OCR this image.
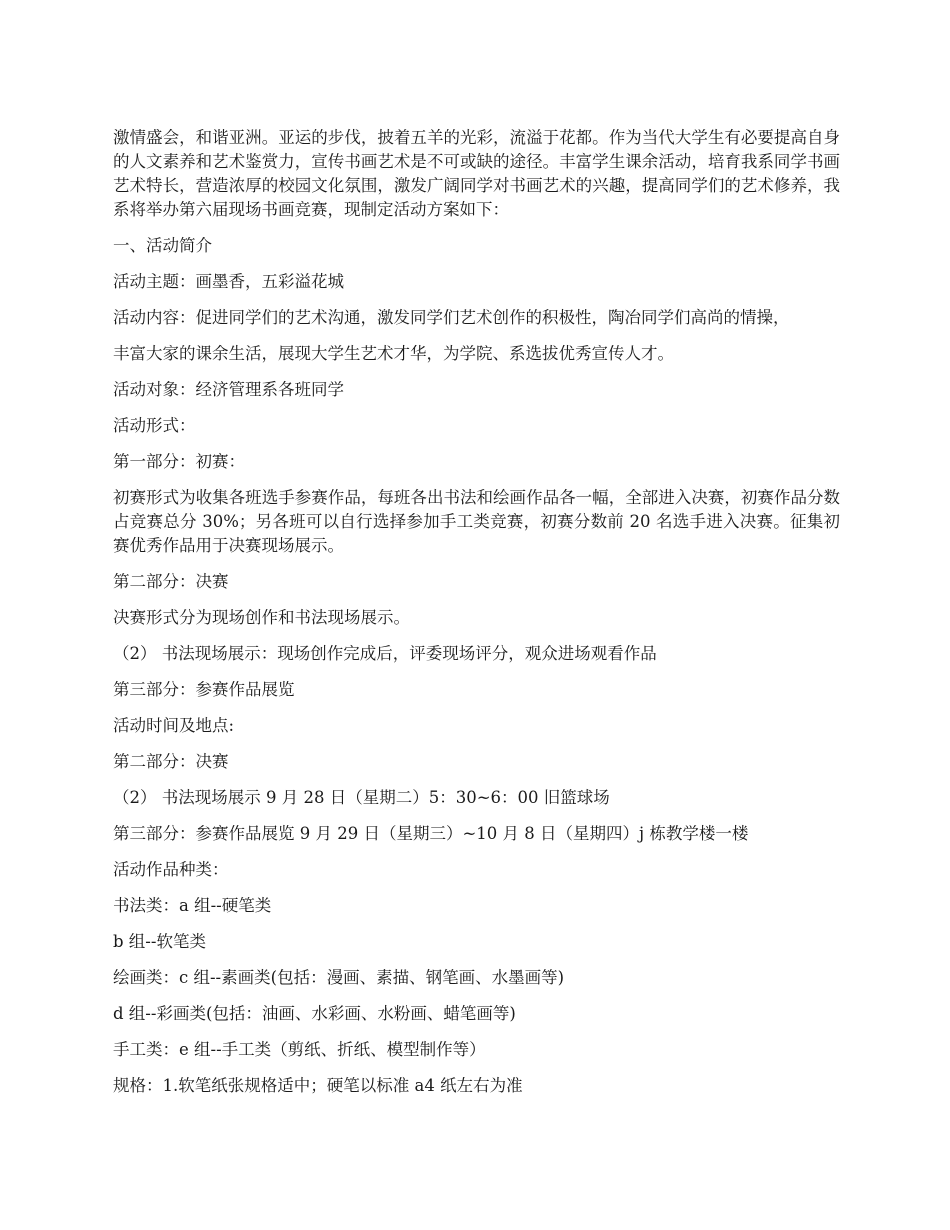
激情盛会，和谐亚洲。亚运的步伐，披着五羊的光彩，流溢于花都。作为当代大学生有必要提高自身的人文素养和艺术鉴赏力，宣传书画艺术是不可或缺的途径。丰富学生课余活动，培育我系同学书画艺术特长，营造浓厚的校园文化氛围，激发广阔同学对书画艺术的兴趣，提高同学们的艺术修养，我系将举办第六届现场书画竞赛，现制定活动方案如下：

一、活动简介

活动主题：画墨香，五彩溢花城

活动内容：促进同学们的艺术沟通，激发同学们艺术创作的积极性，陶冶同学们高尚的情操，

丰富大家的课余生活，展现大学生艺术才华，为学院、系选拔优秀宣传人才。

活动对象：经济管理系各班同学

活动形式：

第一部分：初赛：

初赛形式为收集各班选手参赛作品，每班各出书法和绘画作品各一幅，全部进入决赛，初赛作品分数占竞赛总分 30%；另各班可以自行选择参加手工类竞赛，初赛分数前 20 名选手进入决赛。征集初赛优秀作品用于决赛现场展示。

第二部分：决赛

决赛形式分为现场创作和书法现场展示。

（2） 书法现场展示：现场创作完成后，评委现场评分，观众进场观看作品

第三部分：参赛作品展览

活动时间及地点:

第二部分：决赛

（2） 书法现场展示 9 月 28 日（星期二）5：30~6：00 旧篮球场

第三部分：参赛作品展览 9 月 29 日（星期三）~10 月 8 日（星期四）j 栋教学楼一楼

活动作品种类：

书法类：a 组--硬笔类

b 组--软笔类

绘画类：c 组--素画类(包括：漫画、素描、钢笔画、水墨画等)

d 组--彩画类(包括：油画、水彩画、水粉画、蜡笔画等)

手工类：e 组--手工类（剪纸、折纸、模型制作等）

规格：1.软笔纸张规格适中；硬笔以标准 a4 纸左右为准
